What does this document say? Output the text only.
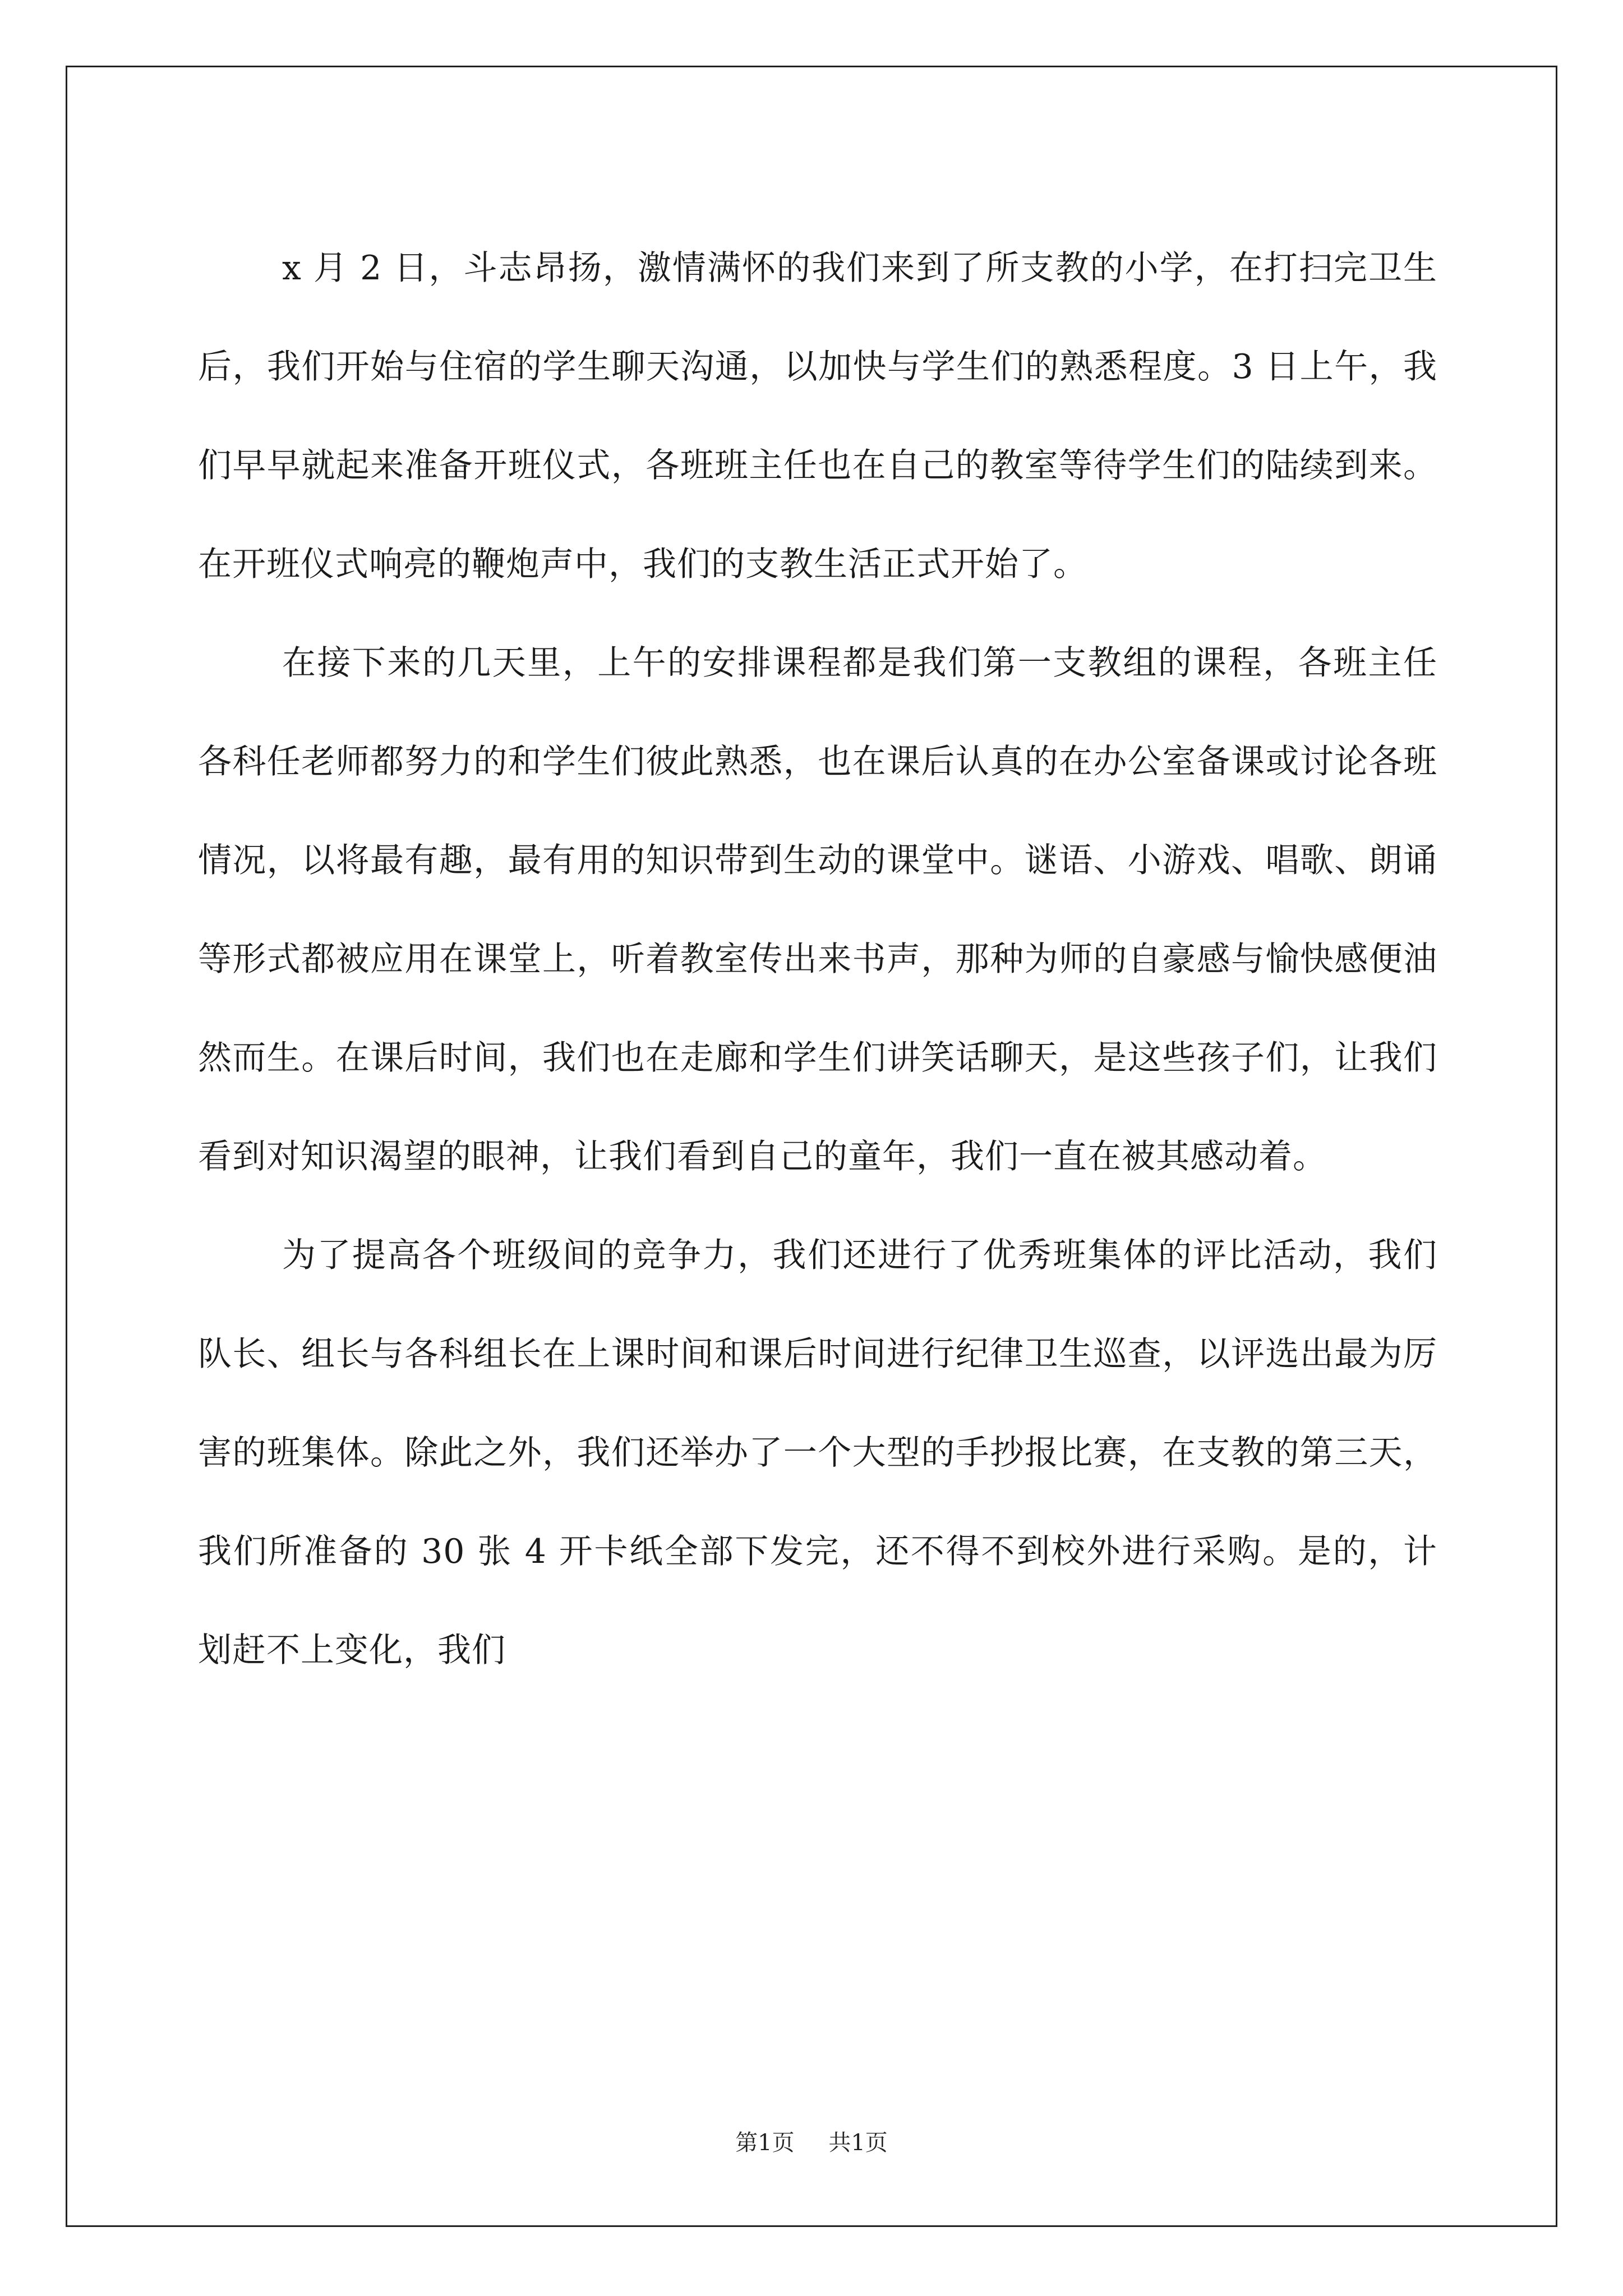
x 月 2 日，斗志昂扬，激情满怀的我们来到了所支教的小学，在打扫完卫生后，我们开始与住宿的学生聊天沟通，以加快与学生们的熟悉程度。3 日上午，我们早早就起来准备开班仪式，各班班主任也在自己的教室等待学生们的陆续到来。在开班仪式响亮的鞭炮声中，我们的支教生活正式开始了。
在接下来的几天里，上午的安排课程都是我们第一支教组的课程，各班主任各科任老师都努力的和学生们彼此熟悉，也在课后认真的在办公室备课或讨论各班情况，以将最有趣，最有用的知识带到生动的课堂中。谜语、小游戏、唱歌、朗诵等形式都被应用在课堂上，听着教室传出来书声，那种为师的自豪感与愉快感便油然而生。在课后时间，我们也在走廊和学生们讲笑话聊天，是这些孩子们，让我们看到对知识渴望的眼神，让我们看到自己的童年，我们一直在被其感动着。
为了提高各个班级间的竞争力，我们还进行了优秀班集体的评比活动，我们队长、组长与各科组长在上课时间和课后时间进行纪律卫生巡查，以评选出最为厉害的班集体。除此之外，我们还举办了一个大型的手抄报比赛，在支教的第三天，我们所准备的 30 张 4 开卡纸全部下发完，还不得不到校外进行采购。是的，计划赶不上变化，我们
第1页 共1页
